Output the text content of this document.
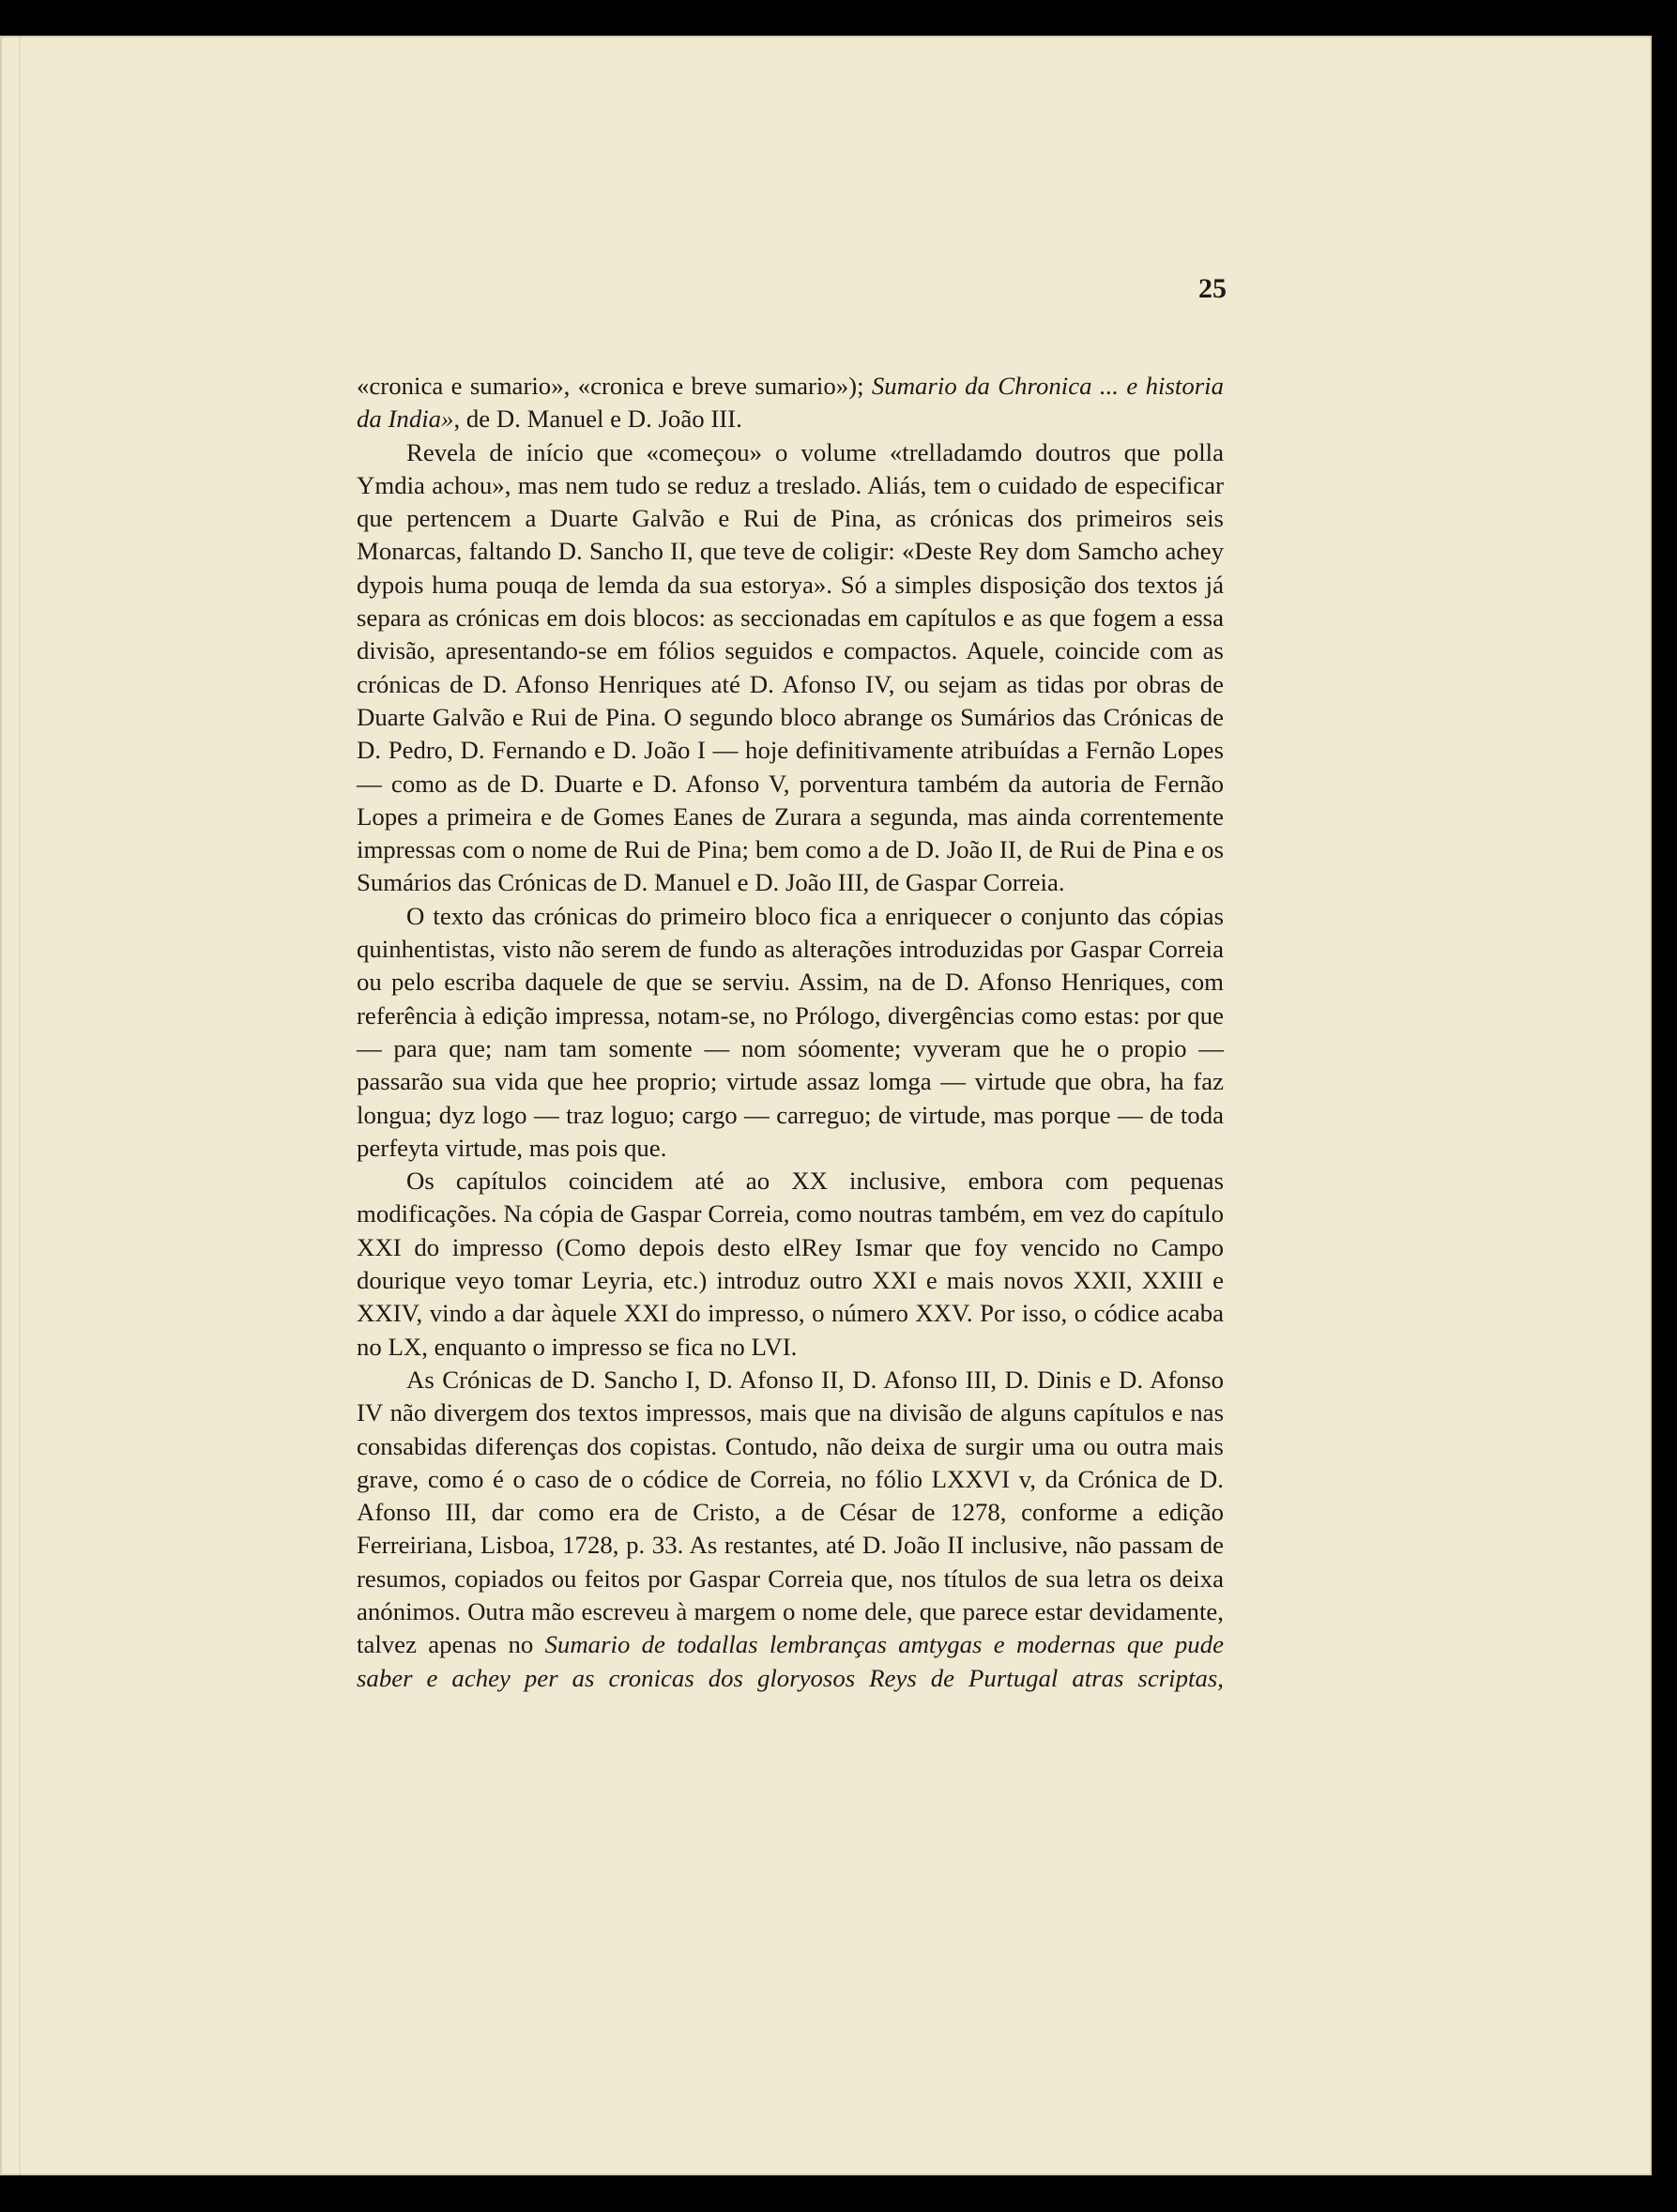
25

«cronica e sumario», «cronica e breve sumario»); Sumario da Chronica ... e historia da India», de D. Manuel e D. João III.

Revela de início que «começou» o volume «trelladamdo doutros que polla Ymdia achou», mas nem tudo se reduz a treslado. Aliás, tem o cuidado de especificar que pertencem a Duarte Galvão e Rui de Pina, as crónicas dos primeiros seis Monarcas, faltando D. Sancho II, que teve de coligir: «Deste Rey dom Samcho achey dypois huma pouqa de lemda da sua estorya». Só a simples disposição dos textos já separa as crónicas em dois blocos: as seccionadas em capítulos e as que fogem a essa divisão, apresentando-se em fólios seguidos e compactos. Aquele, coincide com as crónicas de D. Afonso Henriques até D. Afonso IV, ou sejam as tidas por obras de Duarte Galvão e Rui de Pina. O segundo bloco abrange os Sumários das Crónicas de D. Pedro, D. Fernando e D. João I — hoje definitivamente atribuídas a Fernão Lopes — como as de D. Duarte e D. Afonso V, porventura também da autoria de Fernão Lopes a primeira e de Gomes Eanes de Zurara a segunda, mas ainda correntemente impressas com o nome de Rui de Pina; bem como a de D. João II, de Rui de Pina e os Sumários das Crónicas de D. Manuel e D. João III, de Gaspar Correia.

O texto das crónicas do primeiro bloco fica a enriquecer o conjunto das cópias quinhentistas, visto não serem de fundo as alterações introduzidas por Gaspar Correia ou pelo escriba daquele de que se serviu. Assim, na de D. Afonso Henriques, com referência à edição impressa, notam-se, no Prólogo, divergências como estas: por que — para que; nam tam somente — nom sóomente; vyveram que he o propio — passarão sua vida que hee proprio; virtude assaz lomga — virtude que obra, ha faz longua; dyz logo — traz loguo; cargo — carreguo; de virtude, mas porque — de toda perfeyta virtude, mas pois que.

Os capítulos coincidem até ao XX inclusive, embora com pequenas modificações. Na cópia de Gaspar Correia, como noutras também, em vez do capítulo XXI do impresso (Como depois desto elRey Ismar que foy vencido no Campo dourique veyo tomar Leyria, etc.) introduz outro XXI e mais novos XXII, XXIII e XXIV, vindo a dar àquele XXI do impresso, o número XXV. Por isso, o códice acaba no LX, enquanto o impresso se fica no LVI.

As Crónicas de D. Sancho I, D. Afonso II, D. Afonso III, D. Dinis e D. Afonso IV não divergem dos textos impressos, mais que na divisão de alguns capítulos e nas consabidas diferenças dos copistas. Contudo, não deixa de surgir uma ou outra mais grave, como é o caso de o códice de Correia, no fólio LXXVI v, da Crónica de D. Afonso III, dar como era de Cristo, a de César de 1278, conforme a edição Ferreiriana, Lisboa, 1728, p. 33. As restantes, até D. João II inclusive, não passam de resumos, copiados ou feitos por Gaspar Correia que, nos títulos de sua letra os deixa anónimos. Outra mão escreveu à margem o nome dele, que parece estar devidamente, talvez apenas no Sumario de todallas lembranças amtygas e modernas que pude saber e achey per as cronicas dos gloryosos Reys de Purtugal atras scriptas,
